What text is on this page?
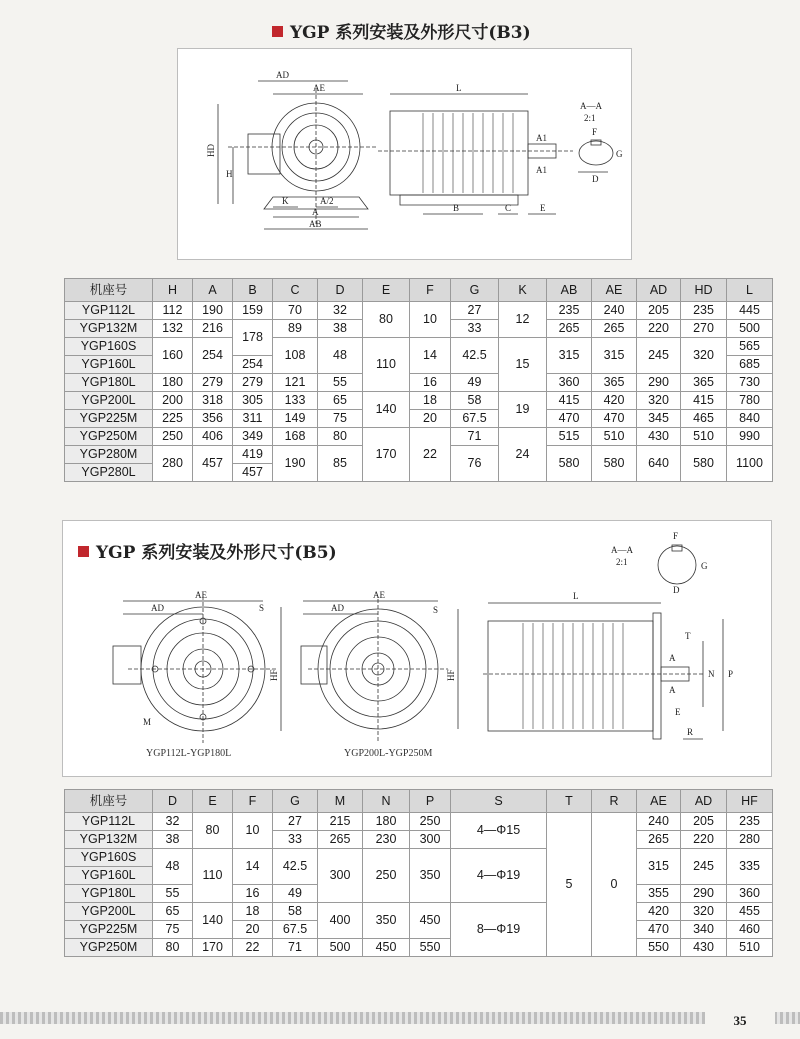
YGP 系列安装及外形尺寸(B3)
AD
AE
HD
H
K	A/2
A
AB
L
A1
A1
B	C	E
A—A
2:1
F
G
D
机座号	H	A	B	C	D	E	F	G	K	AB	AE	AD	HD	L
YGP112L	112	190	159	70	32	80	10	27	12	235	240	205	235	445
YGP132M	132	216	178	89	38			33		265	265	220	270	500
YGP160S	160	254		108	48	110	14	42.5	15	315	315	245	320	565
YGP160L			254											685
YGP180L	180	279	279	121	55		16	49		360	365	290	365	730
YGP200L	200	318	305	133	65	140	18	58	19	415	420	320	415	780
YGP225M	225	356	311	149	75		20	67.5		470	470	345	465	840
YGP250M	250	406	349	168	80	170	22	71	24	515	510	430	510	990
YGP280M	280	457	419	190	85			76		580	580	640	580	1100
YGP280L			457											
AE
AD	S
HF
M
AE
AD	S
HF
L
T
A
A
N P
E
R
A—A
2:1
F
G
D
YGP 系列安装及外形尺寸(B5)
YGP112L-YGP180L	YGP200L-YGP250M
机座号	D	E	F	G	M	N	P	S	T	R	AE	AD	HF	
YGP112L	32	80	10	27	215	180	250	4—Φ15	5	0	240	205	235	
YGP132M	38			33	265	230	300				265	220	280	
YGP160S	48	110	14	42.5	300	250	350	4—Φ19			315	245	335	
YGP160L	
YGP180L	55		16	49							355	290	360	
YGP200L	65	140	18	58	400	350	450	8—Φ19			420	320	455	
YGP225M	75		20	67.5							470	340	460	
YGP250M	80	170	22	71	500	450	550				550	430	510	
35
